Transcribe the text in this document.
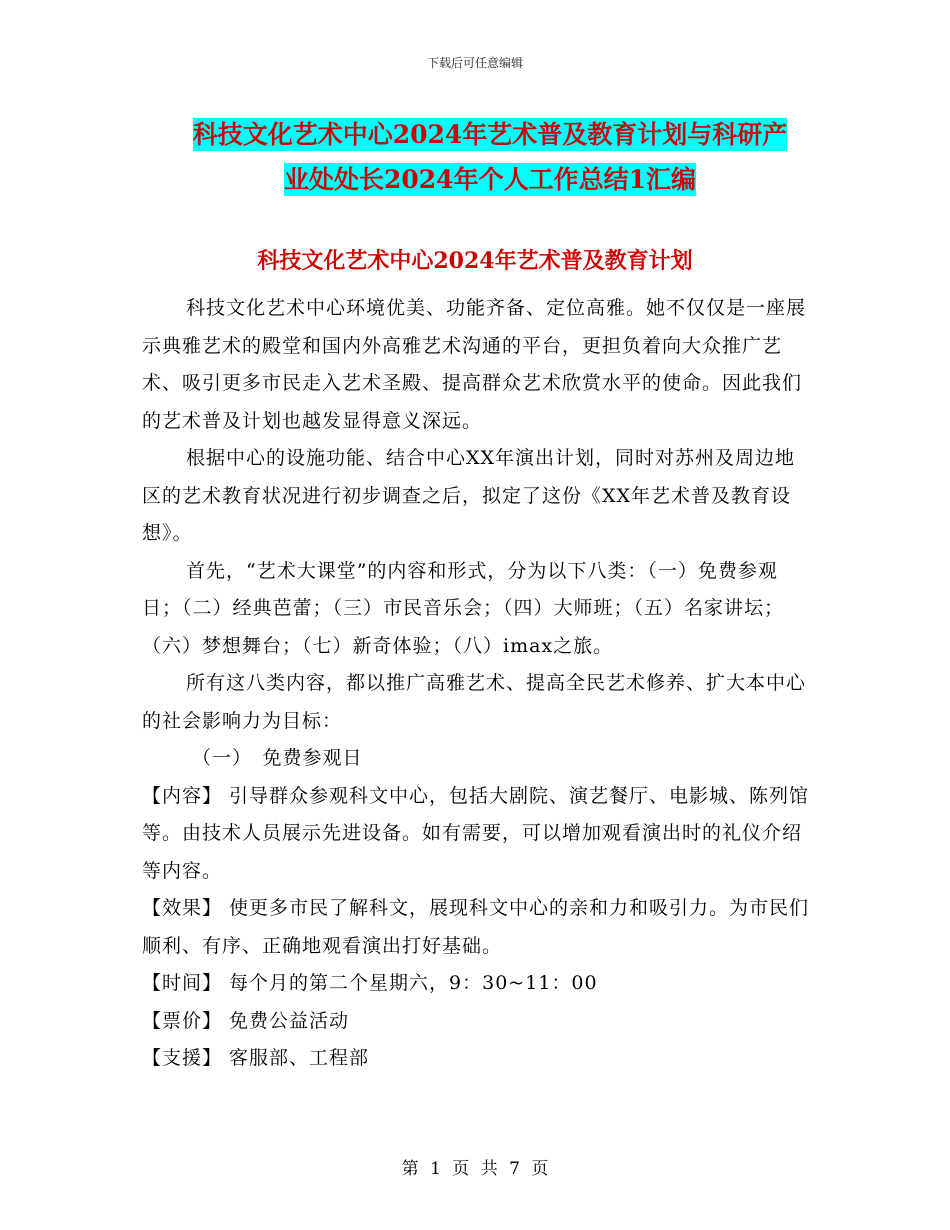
下载后可任意编辑
科技文化艺术中心2024年艺术普及教育计划与科研产
业处处长2024年个人工作总结1汇编
科技文化艺术中心2024年艺术普及教育计划

科技文化艺术中心环境优美、功能齐备、定位高雅。她不仅仅是一座展示典雅艺术的殿堂和国内外高雅艺术沟通的平台，更担负着向大众推广艺术、吸引更多市民走入艺术圣殿、提高群众艺术欣赏水平的使命。因此我们的艺术普及计划也越发显得意义深远。

根据中心的设施功能、结合中心XX年演出计划，同时对苏州及周边地区的艺术教育状况进行初步调查之后，拟定了这份《XX年艺术普及教育设想》。

首先，“艺术大课堂”的内容和形式，分为以下八类：（一）免费参观日；（二）经典芭蕾；（三）市民音乐会；（四）大师班；（五）名家讲坛；（六）梦想舞台；（七）新奇体验；（八）imax之旅。

所有这八类内容，都以推广高雅艺术、提高全民艺术修养、扩大本中心的社会影响力为目标：

（一）　免费参观日

【内容】 引导群众参观科文中心，包括大剧院、演艺餐厅、电影城、陈列馆等。由技术人员展示先进设备。如有需要，可以增加观看演出时的礼仪介绍等内容。

【效果】 使更多市民了解科文，展现科文中心的亲和力和吸引力。为市民们顺利、有序、正确地观看演出打好基础。

【时间】 每个月的第二个星期六，9：30~11：00

【票价】 免费公益活动

【支援】 客服部、工程部

第 1 页 共 7 页
